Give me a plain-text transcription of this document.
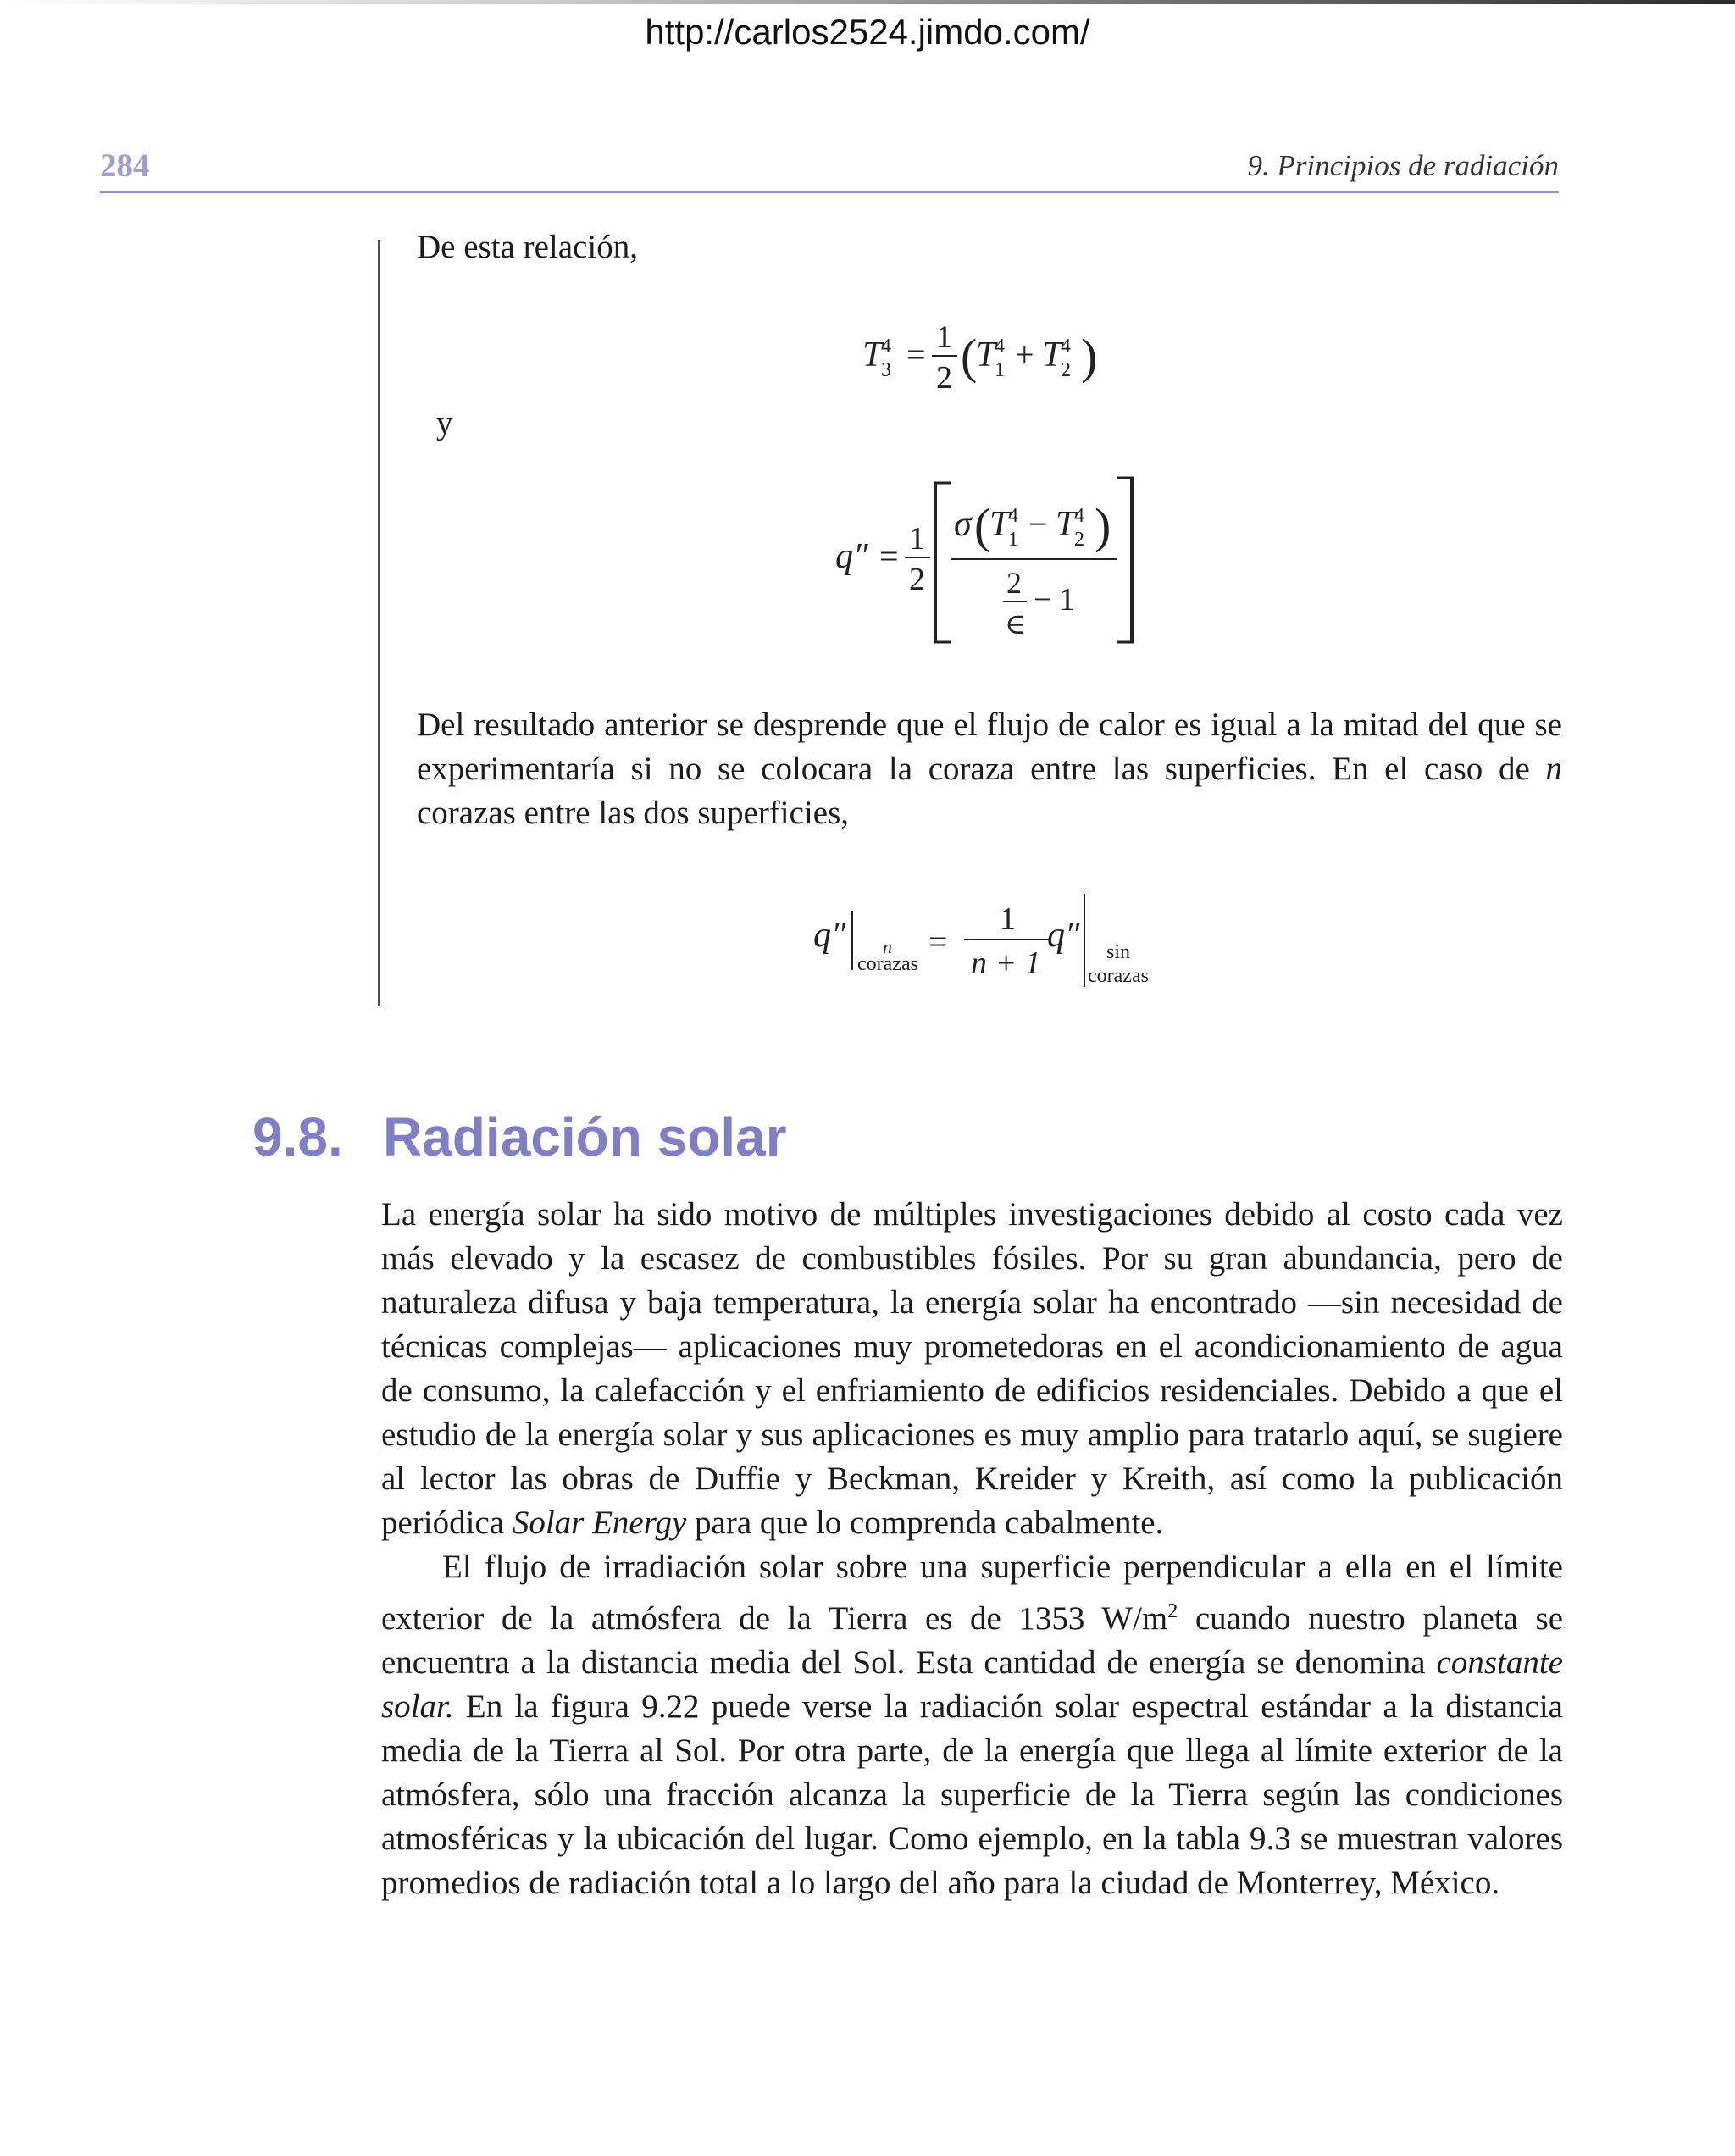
http://carlos2524.jimdo.com/
284	9. Principios de radiación
De esta relación,
T
3
4 = 1
2 (
T
1
4 + T
2
4 )
y
q″ = 1
2
σ (
T
1
4 − T
2
4 )
2
∈
− 1

Del resultado anterior se desprende que el flujo de calor es igual a la mitad del que se experimentaría si no se colocara la coraza entre las superficies. En el caso de n corazas entre las dos superficies,

q″ n
corazas
=
1
n + 1
q″ sin
corazas
9.8. Radiación solar

La energía solar ha sido motivo de múltiples investigaciones debido al costo cada vez más elevado y la escasez de combustibles fósiles. Por su gran abundancia, pero de naturaleza difusa y baja temperatura, la energía solar ha encontrado —sin necesidad de técnicas complejas— aplicaciones muy prometedoras en el acondicionamiento de agua de consumo, la calefacción y el enfriamiento de edificios residenciales. Debido a que el estudio de la energía solar y sus aplicaciones es muy amplio para tratarlo aquí, se sugiere al lector las obras de Duffie y Beckman, Kreider y Kreith, así como la publicación periódica Solar Energy para que lo comprenda cabalmente.

El flujo de irradiación solar sobre una superficie perpendicular a ella en el límite exterior de la atmósfera de la Tierra es de 1353 $W/m^2$ cuando nuestro planeta se encuentra a la distancia media del Sol. Esta cantidad de energía se denomina constante solar. En la figura 9.22 puede verse la radiación solar espectral estándar a la distancia media de la Tierra al Sol. Por otra parte, de la energía que llega al límite exterior de la atmósfera, sólo una fracción alcanza la superficie de la Tierra según las condiciones atmosféricas y la ubicación del lugar. Como ejemplo, en la tabla 9.3 se muestran valores promedios de radiación total a lo largo del año para la ciudad de Monterrey, México.
